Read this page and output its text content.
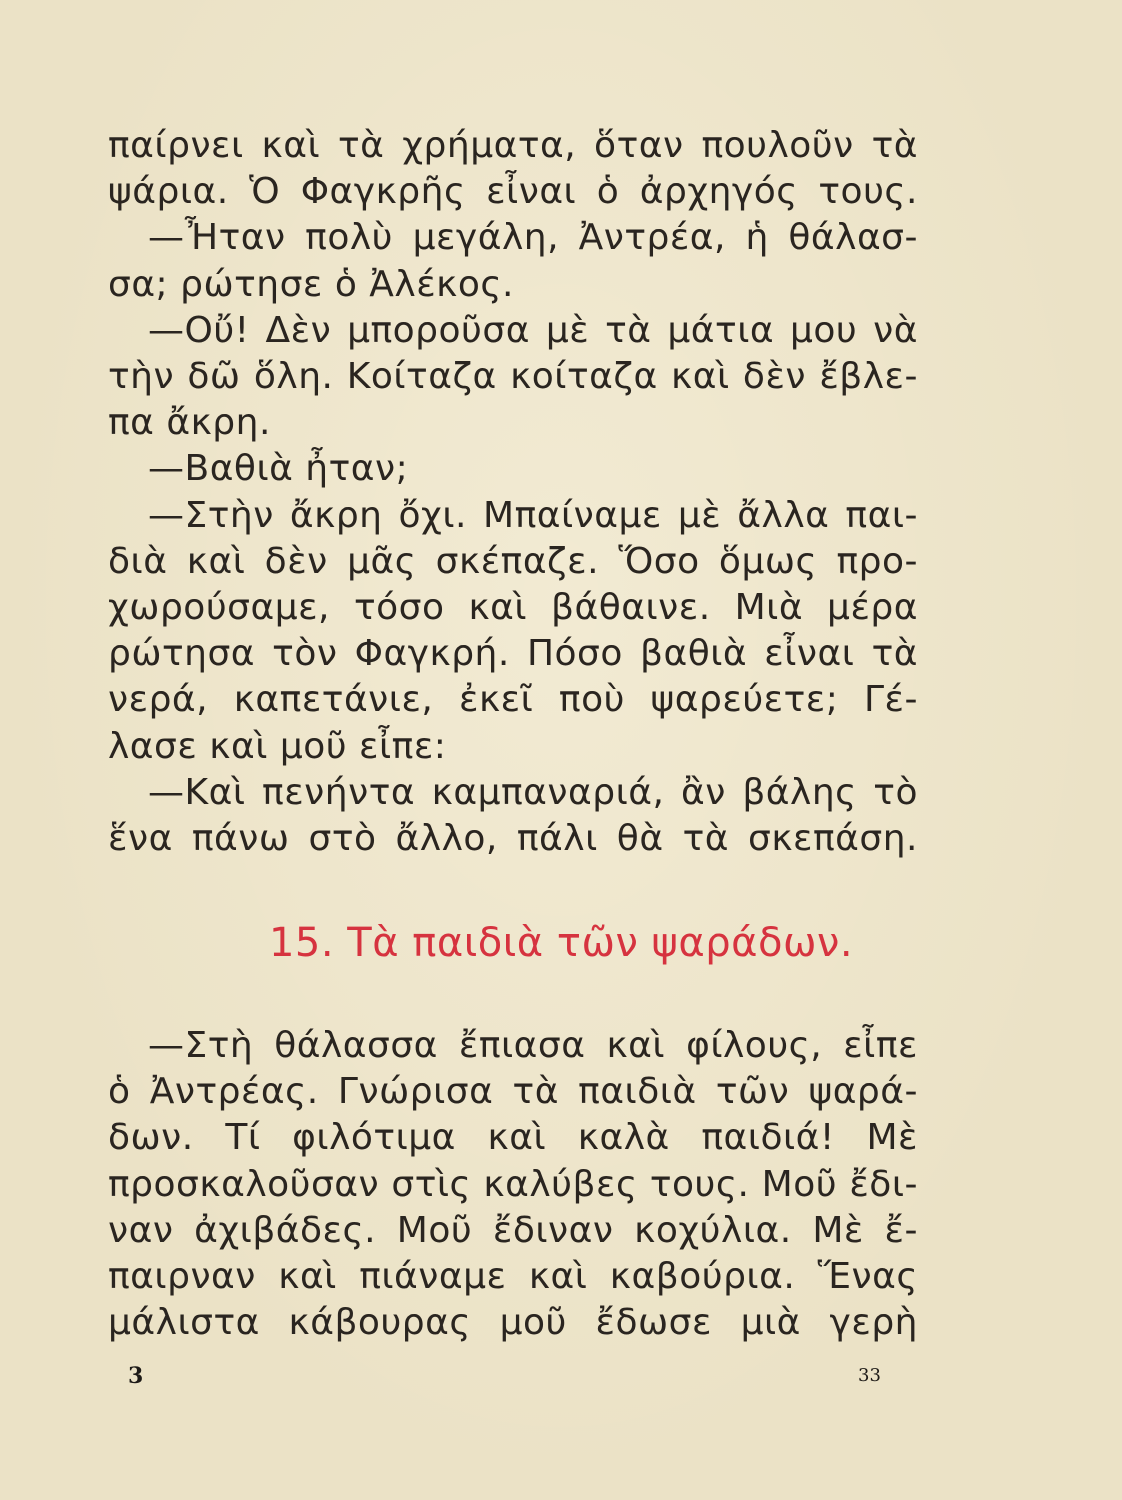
παίρνει καὶ τὰ χρήματα, ὅταν πουλοῦν τὰ
ψάρια. Ὁ Φαγκρῆς εἶναι ὁ ἀρχηγός τους.
—Ἦταν πολὺ μεγάλη, Ἀντρέα, ἡ θάλασ-
σα; ρώτησε ὁ Ἀλέκος.
—Οὔ! Δὲν μποροῦσα μὲ τὰ μάτια μου νὰ
τὴν δῶ ὅλη. Κοίταζα κοίταζα καὶ δὲν ἔβλε-
πα ἄκρη.
—Βαθιὰ ἦταν;
—Στὴν ἄκρη ὄχι. Μπαίναμε μὲ ἄλλα παι-
διὰ καὶ δὲν μᾶς σκέπαζε. Ὅσο ὅμως προ-
χωρούσαμε, τόσο καὶ βάθαινε. Μιὰ μέρα
ρώτησα τὸν Φαγκρή. Πόσο βαθιὰ εἶναι τὰ
νερά, καπετάνιε, ἐκεῖ ποὺ ψαρεύετε; Γέ-
λασε καὶ μοῦ εἶπε:
—Καὶ πενήντα καμπαναριά, ἂν βάλης τὸ
ἕνα πάνω στὸ ἄλλο, πάλι θὰ τὰ σκεπάση.
15. Τὰ παιδιὰ τῶν ψαράδων.
—Στὴ θάλασσα ἔπιασα καὶ φίλους, εἶπε
ὁ Ἀντρέας. Γνώρισα τὰ παιδιὰ τῶν ψαρά-
δων. Τί φιλότιμα καὶ καλὰ παιδιά! Μὲ
προσκαλοῦσαν στὶς καλύβες τους. Μοῦ ἔδι-
ναν ἀχιβάδες. Μοῦ ἔδιναν κοχύλια. Μὲ ἔ-
παιρναν καὶ πιάναμε καὶ καβούρια. Ἕνας
μάλιστα κάβουρας μοῦ ἔδωσε μιὰ γερὴ
3	33
